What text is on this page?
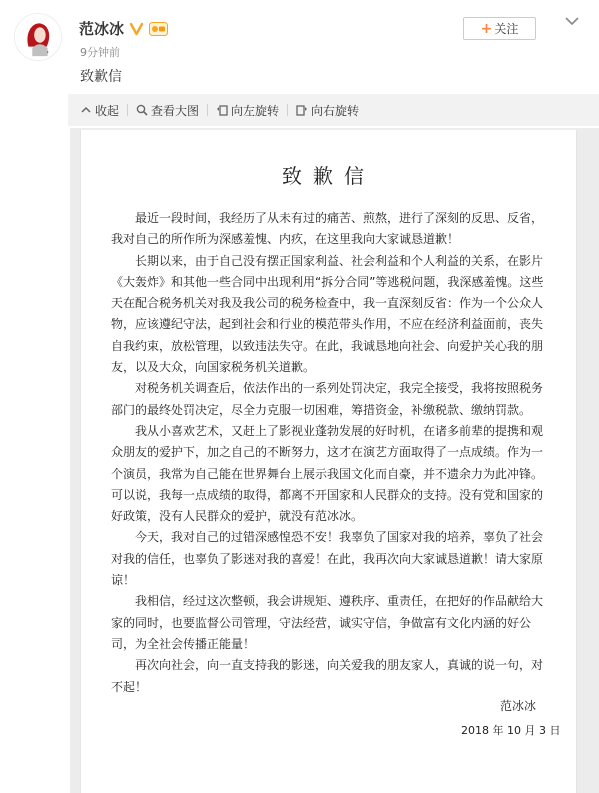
F
范冰冰
9分钟前
致歉信
+ 关注
收起	查看大图	向左旋转	向右旋转
致歉信

最近一段时间，我经历了从未有过的痛苦、煎熬，进行了深刻的反思、反省，我对自己的所作所为深感羞愧、内疚，在这里我向大家诚恳道歉！

长期以来，由于自己没有摆正国家利益、社会利益和个人利益的关系，在影片《大轰炸》和其他一些合同中出现利用“拆分合同”等逃税问题，我深感羞愧。这些天在配合税务机关对我及我公司的税务检查中，我一直深刻反省：作为一个公众人物，应该遵纪守法，起到社会和行业的模范带头作用，不应在经济利益面前，丧失自我约束，放松管理，以致违法失守。在此，我诚恳地向社会、向爱护关心我的朋友，以及大众，向国家税务机关道歉。

对税务机关调查后，依法作出的一系列处罚决定，我完全接受，我将按照税务部门的最终处罚决定，尽全力克服一切困难，筹措资金，补缴税款、缴纳罚款。

我从小喜欢艺术，又赶上了影视业蓬勃发展的好时机，在诸多前辈的提携和观众朋友的爱护下，加之自己的不断努力，这才在演艺方面取得了一点成绩。作为一个演员，我常为自己能在世界舞台上展示我国文化而自豪，并不遗余力为此冲锋。可以说，我每一点成绩的取得，都离不开国家和人民群众的支持。没有党和国家的好政策，没有人民群众的爱护，就没有范冰冰。

今天，我对自己的过错深感惶恐不安！我辜负了国家对我的培养，辜负了社会对我的信任，也辜负了影迷对我的喜爱！在此，我再次向大家诚恳道歉！请大家原谅！

我相信，经过这次整顿，我会讲规矩、遵秩序、重责任，在把好的作品献给大家的同时，也要监督公司管理，守法经营，诚实守信，争做富有文化内涵的好公司，为全社会传播正能量！

再次向社会，向一直支持我的影迷，向关爱我的朋友家人，真诚的说一句，对不起！

范冰冰
2018 年 10 月 3 日
